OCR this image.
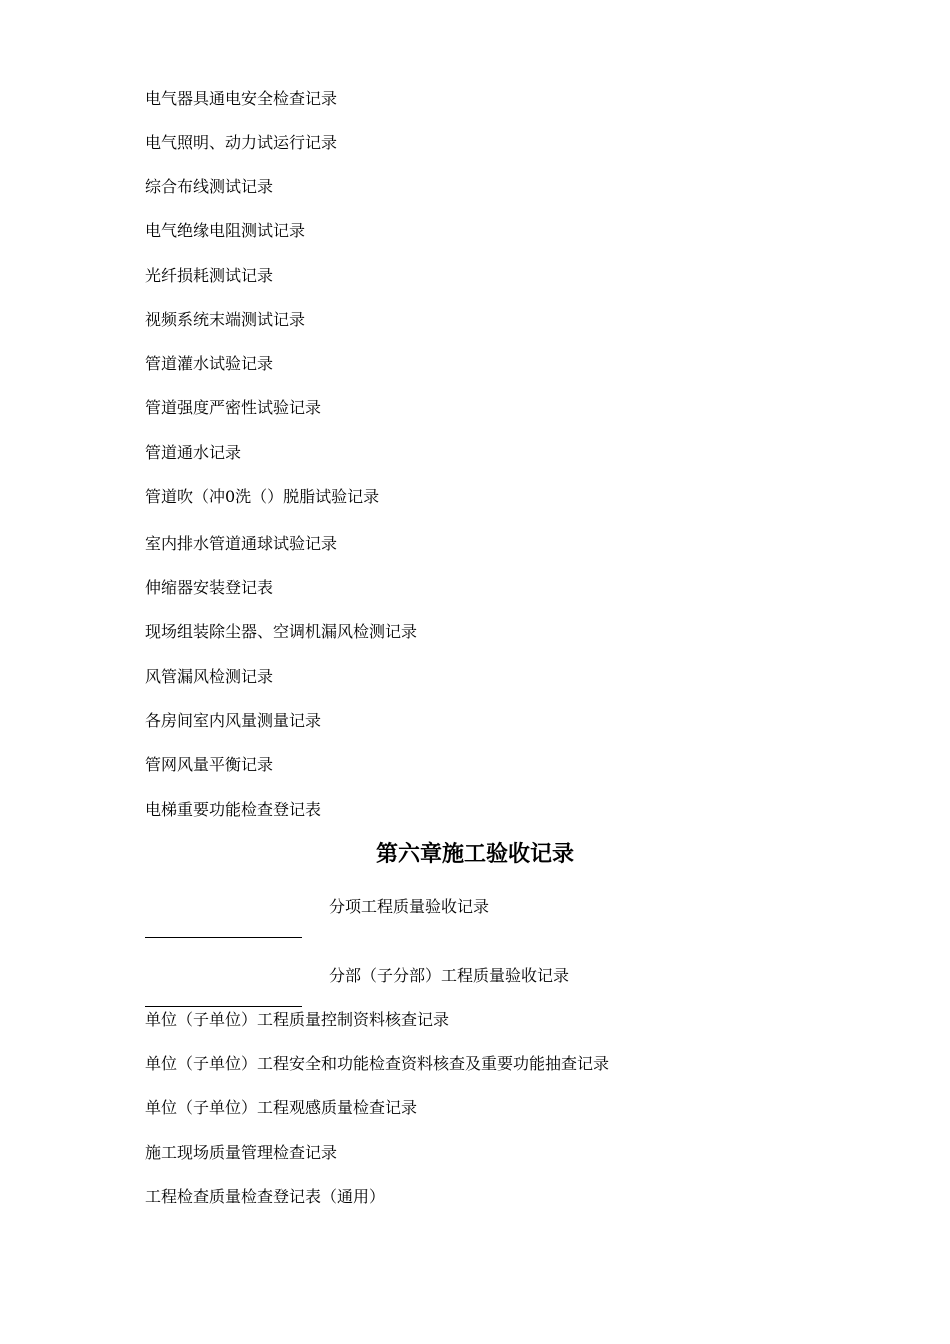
电气器具通电安全检查记录
电气照明、动力试运行记录
综合布线测试记录
电气绝缘电阻测试记录
光纤损耗测试记录
视频系统末端测试记录
管道灌水试验记录
管道强度严密性试验记录
管道通水记录
管道吹（冲0洗（）脱脂试验记录
室内排水管道通球试验记录
伸缩器安装登记表
现场组装除尘器、空调机漏风检测记录
风管漏风检测记录
各房间室内风量测量记录
管网风量平衡记录
电梯重要功能检查登记表
第六章施工验收记录
分项工程质量验收记录
分部（子分部）工程质量验收记录
单位（子单位）工程质量控制资料核查记录
单位（子单位）工程安全和功能检查资料核查及重要功能抽查记录
单位（子单位）工程观感质量检查记录
施工现场质量管理检查记录
工程检查质量检查登记表（通用）
